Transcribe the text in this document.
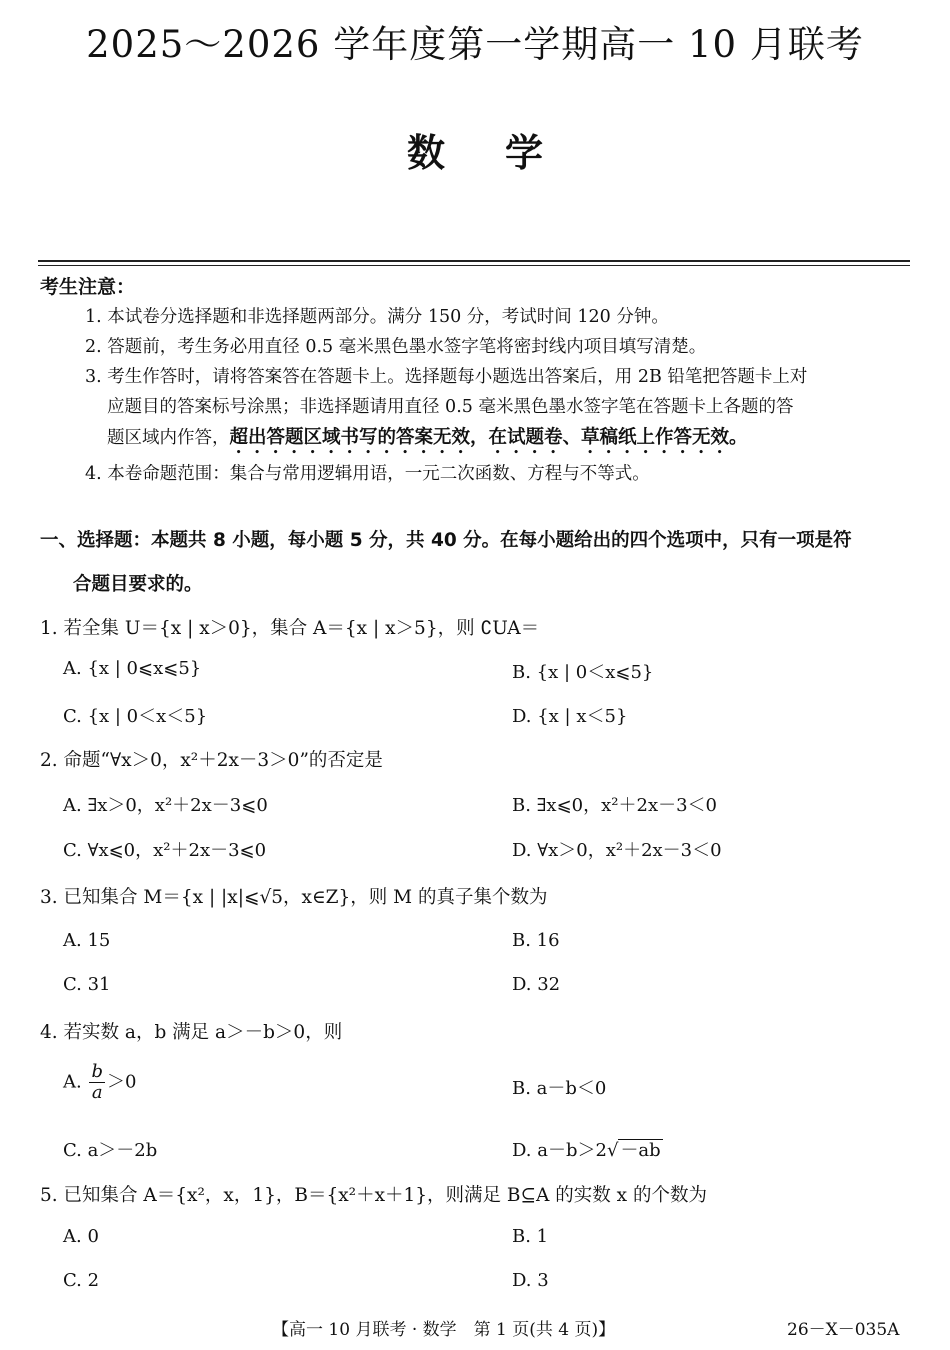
2025～2026 学年度第一学期高一 10 月联考
数学
考生注意：
1. 本试卷分选择题和非选择题两部分。满分 150 分，考试时间 120 分钟。
2. 答题前，考生务必用直径 0.5 毫米黑色墨水签字笔将密封线内项目填写清楚。
3. 考生作答时，请将答案答在答题卡上。选择题每小题选出答案后，用 2B 铅笔把答题卡上对
应题目的答案标号涂黑；非选择题请用直径 0.5 毫米黑色墨水签字笔在答题卡上各题的答
题区域内作答，超出答题区域书写的答案无效，在试题卷、草稿纸上作答无效。
4. 本卷命题范围：集合与常用逻辑用语，一元二次函数、方程与不等式。
一、选择题：本题共 8 小题，每小题 5 分，共 40 分。在每小题给出的四个选项中，只有一项是符
合题目要求的。
1. 若全集 U＝{x | x＞0}，集合 A＝{x | x＞5}，则 ∁UA＝
A. {x | 0⩽x⩽5}	B. {x | 0＜x⩽5}
C. {x | 0＜x＜5}	D. {x | x＜5}
2. 命题“∀x＞0，x²＋2x－3＞0”的否定是
A. ∃x＞0，x²＋2x－3⩽0	B. ∃x⩽0，x²＋2x－3＜0
C. ∀x⩽0，x²＋2x－3⩽0	D. ∀x＞0，x²＋2x－3＜0
3. 已知集合 M＝{x | |x|⩽√5，x∈Z}，则 M 的真子集个数为
A. 15	B. 16
C. 31	D. 32
4. 若实数 a，b 满足 a＞－b＞0，则
A. $\frac{b}{a} >0$	B. a－b＜0
C. a＞－2b	D. a－b＞2√ －ab
5. 已知集合 A＝{x²，x，1}，B＝{x²＋x＋1}，则满足 B⊆A 的实数 x 的个数为
A. 0	B. 1
C. 2	D. 3
【高一 10 月联考 · 数学　第 1 页(共 4 页)】	26－X－035A
